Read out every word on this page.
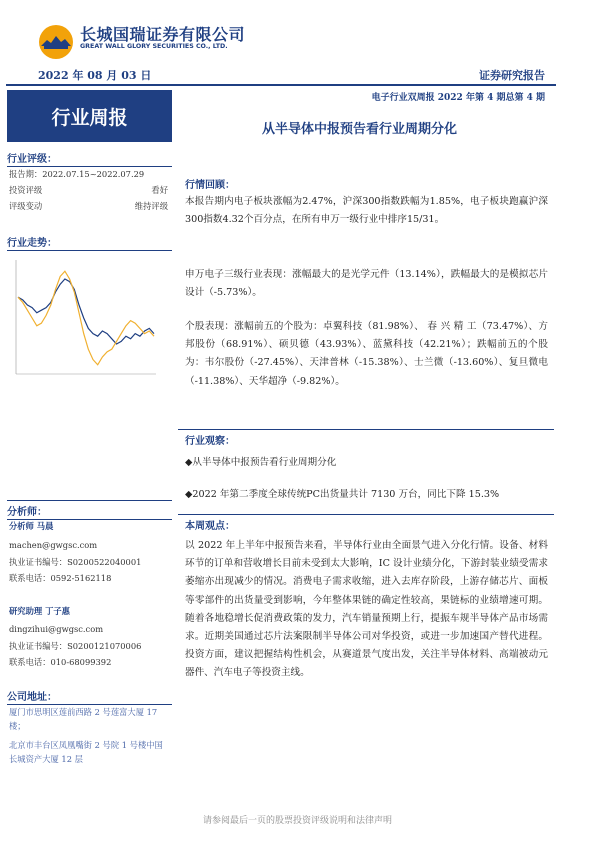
长城国瑞证券有限公司
GREAT WALL GLORY SECURITIES CO., LTD.
2022 年 08 月 03 日	证券研究报告
行业周报
电子行业双周报 2022 年第 4 期总第 4 期
从半导体中报预告看行业周期分化
行业评级：
报告期：2022.07.15~2022.07.29
投资评级	看好
评级变动	维持评级
行业走势：
分析师：
分析师 马晨
machen@gwgsc.com
执业证书编号：S0200522040001
联系电话：0592-5162118
研究助理 丁子惠
dingzihui@gwgsc.com
执业证书编号：S0200121070006
联系电话：010-68099392
公司地址：
厦门市思明区莲前西路 2 号莲富大厦 17 楼；
北京市丰台区凤凰嘴街 2 号院 1 号楼中国长城资产大厦 12 层
行情回顾：
本报告期内电子板块涨幅为2.47%，沪深300指数跌幅为1.85%，电子板块跑赢沪深300指数4.32个百分点，在所有申万一级行业中排序15/31。
申万电子三级行业表现：涨幅最大的是光学元件（13.14%），跌幅最大的是模拟芯片设计（-5.73%）。
个股表现：涨幅前五的个股为：卓翼科技（81.98%）、 春 兴 精 工（73.47%）、方邦股份（68.91%）、硕贝德（43.93%）、蓝黛科技（42.21%）；跌幅前五的个股为：韦尔股份（-27.45%）、天津普林（-15.38%）、士兰微（-13.60%）、复旦微电（-11.38%）、天华超净（-9.82%）。
行业观察：
◆从半导体中报预告看行业周期分化
◆2022 年第二季度全球传统PC出货量共计 7130 万台，同比下降 15.3%
本周观点：
以 2022 年上半年中报预告来看，半导体行业由全面景气进入分化行情。设备、材料环节的订单和营收增长目前未受到太大影响，IC 设计业绩分化，下游封装业绩受需求萎缩亦出现减少的情况。消费电子需求收缩，进入去库存阶段，上游存储芯片、面板等零部件的出货量受到影响，今年整体果链的确定性较高，果链标的业绩增速可期。随着各地稳增长促消费政策的发力，汽车销量预期上行，提振车规半导体产品市场需求。近期美国通过芯片法案限制半导体公司对华投资，或进一步加速国产替代进程。投资方面，建议把握结构性机会，从赛道景气度出发，关注半导体材料、高端被动元器件、汽车电子等投资主线。
请参阅最后一页的股票投资评级说明和法律声明
